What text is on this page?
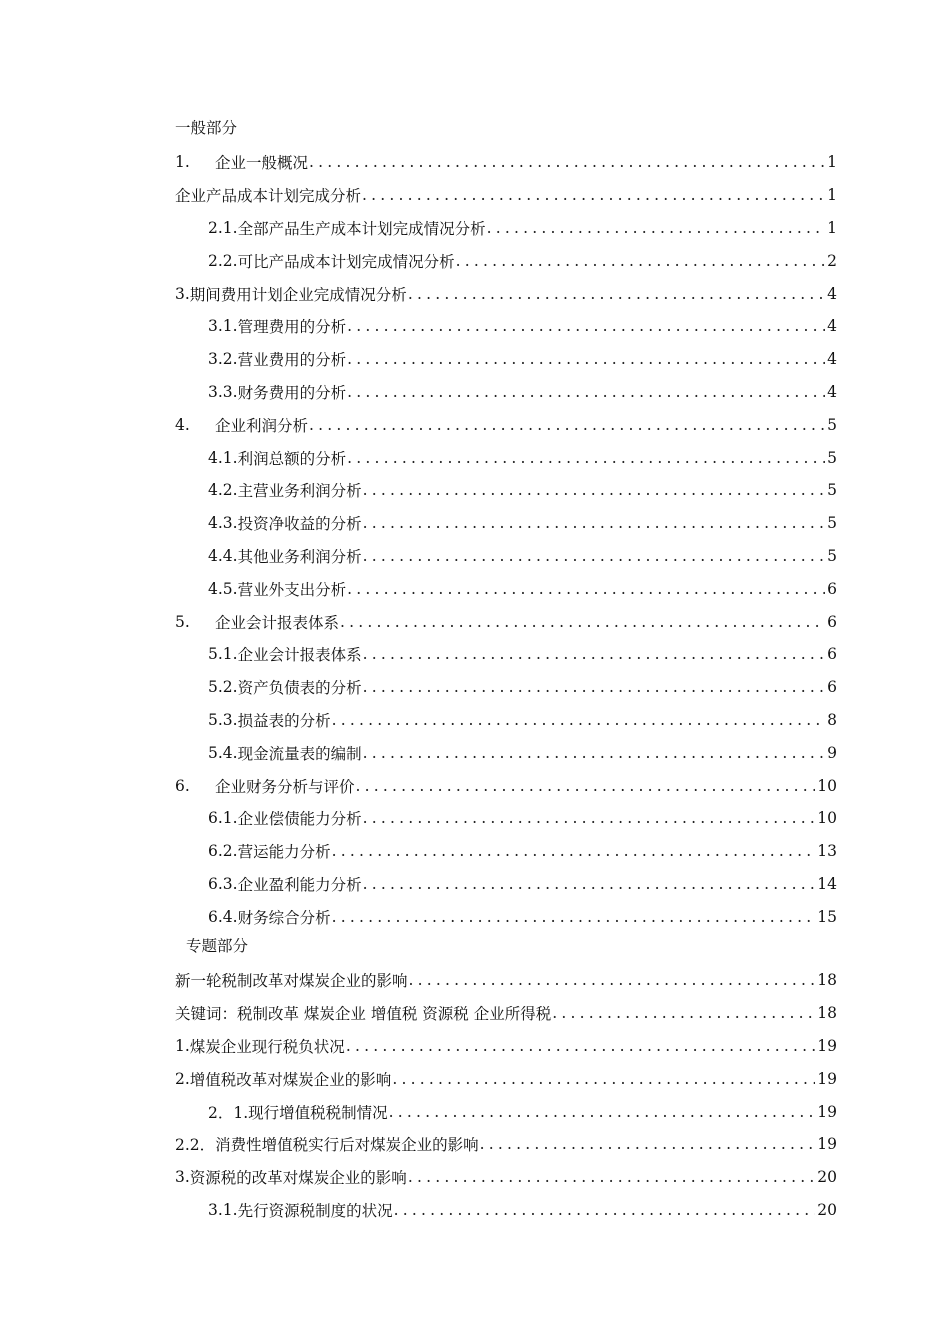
一般部分
1.	企业一般概况 .....	1
企业产品成本计划完成分析 .....	1
2.1. 全部产品生产成本计划完成情况分析 .....	1
2.2. 可比产品成本计划完成情况分析 .....	2
3. 期间费用计划企业完成情况分析 .....	4
3.1. 管理费用的分析 .....	4
3.2. 营业费用的分析 .....	4
3.3. 财务费用的分析 .....	4
4.	企业利润分析 .....	5
4.1. 利润总额的分析 .....	5
4.2. 主营业务利润分析 .....	5
4.3. 投资净收益的分析 .....	5
4.4. 其他业务利润分析 .....	5
4.5. 营业外支出分析 .....	6
5.	企业会计报表体系 .....	6
5.1. 企业会计报表体系 .....	6
5.2. 资产负债表的分析 .....	6
5.3. 损益表的分析 .....	8
5.4. 现金流量表的编制 .....	9
6.	企业财务分析与评价 .....	10
6.1. 企业偿债能力分析 .....	10
6.2. 营运能力分析 .....	13
6.3. 企业盈利能力分析 .....	14
6.4. 财务综合分析 .....	15
专题部分
新一轮税制改革对煤炭企业的影响 .....	18
关键词：税制改革 煤炭企业 增值税 资源税 企业所得税 .....	18
1. 煤炭企业现行税负状况 .....	19
2. 增值税改革对煤炭企业的影响 .....	19
2．1. 现行增值税税制情况 .....	19
2.2． 消费性增值税实行后对煤炭企业的影响 .....	19
3. 资源税的改革对煤炭企业的影响 .....	20
3.1. 先行资源税制度的状况 .....	20
